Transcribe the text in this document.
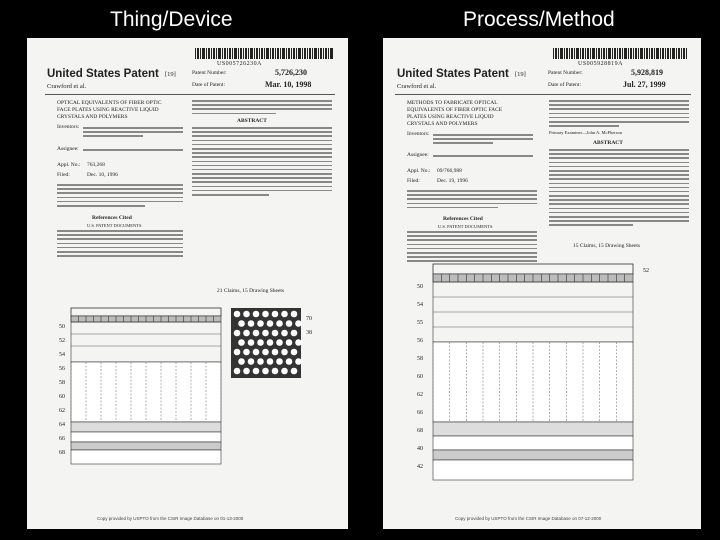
Thing/Device	Process/Method
US005726230A
United States Patent [19]
Crawford et al.
Patent Number:	5,726,230
Date of Patent:	Mar. 10, 1998
OPTICAL EQUIVALENTS OF FIBER OPTIC
FACE PLATES USING REACTIVE LIQUID
CRYSTALS AND POLYMERS
Inventors:
Assignee:
Appl. No.: 763,268
Filed:	Dec. 10, 1996
References Cited
U.S. PATENT DOCUMENTS
ABSTRACT
21 Claims, 15 Drawing Sheets
50
52
54
56
58
60
62
64
66
68
70
38
Copy provided by USPTO from the CSIR Image Database on 01-13-2000
US005928819A
United States Patent [19]
Crawford et al.
Patent Number:	5,928,819
Date of Patent:	Jul. 27, 1999
METHODS TO FABRICATE OPTICAL
EQUIVALENTS OF FIBER OPTIC FACE
PLATES USING REACTIVE LIQUID
CRYSTALS AND POLYMERS
Inventors:
Assignee:
Appl. No.: 09/766,988
Filed:	Dec. 19, 1996
References Cited
U.S. PATENT DOCUMENTS
Primary Examiner—John A. McPherson
ABSTRACT
15 Claims, 15 Drawing Sheets
52
50
54
55
56
58
60
62
66
68
40
42
Copy provided by USPTO from the CSIR Image Database on 07-12-2000
